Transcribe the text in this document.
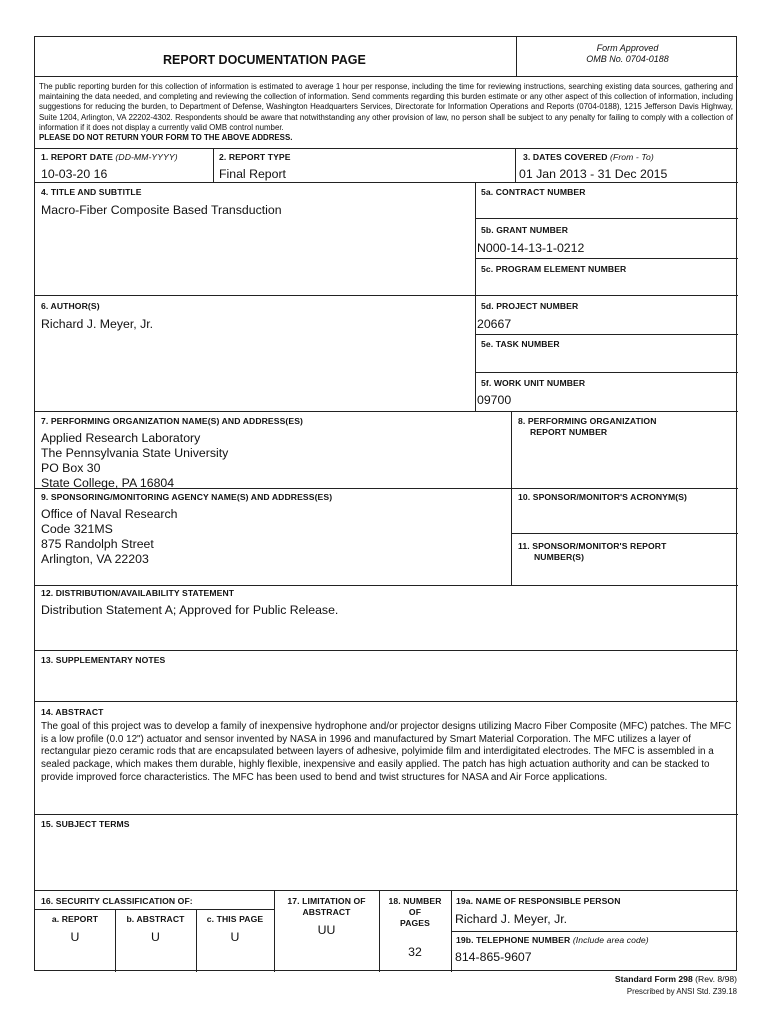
REPORT DOCUMENTATION PAGE
Form Approved
OMB No. 0704-0188
The public reporting burden for this collection of information is estimated to average 1 hour per response, including the time for reviewing instructions, searching existing data sources, gathering and maintaining the data needed, and completing and reviewing the collection of information. Send comments regarding this burden estimate or any other aspect of this collection of information, including suggestions for reducing the burden, to Department of Defense, Washington Headquarters Services, Directorate for Information Operations and Reports (0704-0188), 1215 Jefferson Davis Highway, Suite 1204, Arlington, VA 22202-4302. Respondents should be aware that notwithstanding any other provision of law, no person shall be subject to any penalty for failing to comply with a collection of information if it does not display a currently valid OMB control number.
PLEASE DO NOT RETURN YOUR FORM TO THE ABOVE ADDRESS.
1. REPORT DATE (DD-MM-YYYY)
10-03-20 16
2. REPORT TYPE
Final Report
3. DATES COVERED (From - To)
01 Jan 2013 - 31 Dec 2015
4. TITLE AND SUBTITLE
Macro-Fiber Composite Based Transduction
5a. CONTRACT NUMBER
5b. GRANT NUMBER
N000-14-13-1-0212
5c. PROGRAM ELEMENT NUMBER
6. AUTHOR(S)
Richard J. Meyer, Jr.
5d. PROJECT NUMBER
20667
5e. TASK NUMBER
5f. WORK UNIT NUMBER
09700
7. PERFORMING ORGANIZATION NAME(S) AND ADDRESS(ES)
Applied Research Laboratory
The Pennsylvania State University
PO Box 30
State College, PA 16804
8. PERFORMING ORGANIZATION
REPORT NUMBER
9. SPONSORING/MONITORING AGENCY NAME(S) AND ADDRESS(ES)
Office of Naval Research
Code 321MS
875 Randolph Street
Arlington, VA 22203
10. SPONSOR/MONITOR'S ACRONYM(S)
11. SPONSOR/MONITOR'S REPORT
NUMBER(S)
12. DISTRIBUTION/AVAILABILITY STATEMENT
Distribution Statement A; Approved for Public Release.
13. SUPPLEMENTARY NOTES
14. ABSTRACT
The goal of this project was to develop a family of inexpensive hydrophone and/or projector designs utilizing Macro Fiber Composite (MFC) patches. The MFC is a low profile (0.0 12") actuator and sensor invented by NASA in 1996 and manufactured by Smart Material Corporation. The MFC utilizes a layer of rectangular piezo ceramic rods that are encapsulated between layers of adhesive, polyimide film and interdigitated electrodes. The MFC is assembled in a sealed package, which makes them durable, highly flexible, inexpensive and easily applied. The patch has high actuation authority and can be stacked to provide improved force characteristics. The MFC has been used to bend and twist structures for NASA and Air Force applications.
15. SUBJECT TERMS
16. SECURITY CLASSIFICATION OF:
a. REPORT
U
b. ABSTRACT
U
c. THIS PAGE
U
17. LIMITATION OF
ABSTRACT
UU
18. NUMBER
OF
PAGES
32
19a. NAME OF RESPONSIBLE PERSON
Richard J. Meyer, Jr.
19b. TELEPHONE NUMBER (Include area code)
814-865-9607
Standard Form 298 (Rev. 8/98)
Prescribed by ANSI Std. Z39.18
